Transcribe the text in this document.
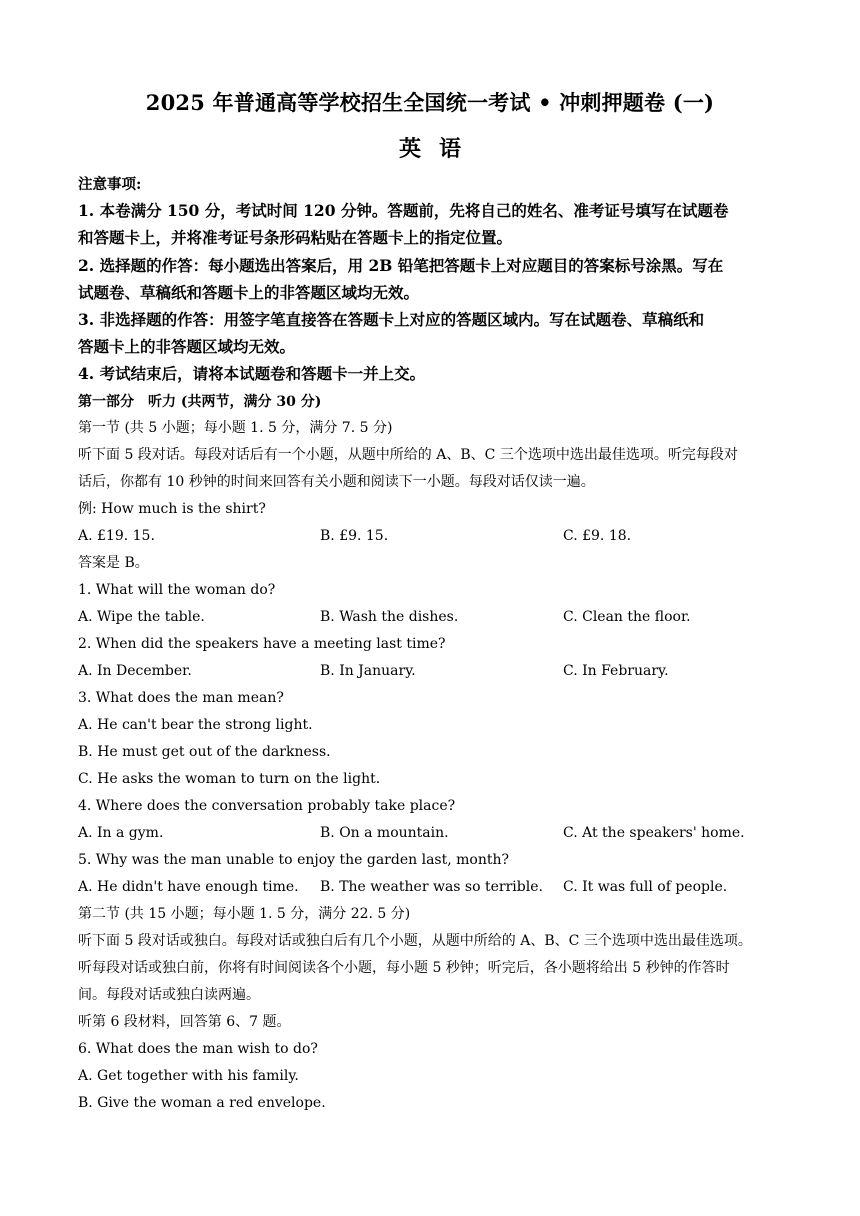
2025 年普通高等学校招生全国统一考试 • 冲刺押题卷 (一)
英语
注意事项:
1. 本卷满分 150 分，考试时间 120 分钟。答题前，先将自己的姓名、准考证号填写在试题卷
和答题卡上，并将准考证号条形码粘贴在答题卡上的指定位置。
2. 选择题的作答：每小题选出答案后，用 2B 铅笔把答题卡上对应题目的答案标号涂黑。写在
试题卷、草稿纸和答题卡上的非答题区域均无效。
3. 非选择题的作答：用签字笔直接答在答题卡上对应的答题区域内。写在试题卷、草稿纸和
答题卡上的非答题区域均无效。
4. 考试结束后，请将本试题卷和答题卡一并上交。
第一部分　听力 (共两节，满分 30 分)
第一节 (共 5 小题；每小题 1. 5 分，满分 7. 5 分)
听下面 5 段对话。每段对话后有一个小题，从题中所给的 A、B、C 三个选项中选出最佳选项。听完每段对
话后，你都有 10 秒钟的时间来回答有关小题和阅读下一小题。每段对话仅读一遍。
例: How much is the shirt?
A. £19. 15.	B. £9. 15.	C. £9. 18.
答案是 B。
1. What will the woman do?
A. Wipe the table.	B. Wash the dishes.	C. Clean the floor.
2. When did the speakers have a meeting last time?
A. In December.	B. In January.	C. In February.
3. What does the man mean?
A. He can't bear the strong light.
B. He must get out of the darkness.
C. He asks the woman to turn on the light.
4. Where does the conversation probably take place?
A. In a gym.	B. On a mountain.	C. At the speakers' home.
5. Why was the man unable to enjoy the garden last, month?
A. He didn't have enough time. B. The weather was so terrible. C. It was full of people.
第二节 (共 15 小题；每小题 1. 5 分，满分 22. 5 分)
听下面 5 段对话或独白。每段对话或独白后有几个小题，从题中所给的 A、B、C 三个选项中选出最佳选项。
听每段对话或独白前，你将有时间阅读各个小题，每小题 5 秒钟；听完后，各小题将给出 5 秒钟的作答时
间。每段对话或独白读两遍。
听第 6 段材料，回答第 6、7 题。
6. What does the man wish to do?
A. Get together with his family.
B. Give the woman a red envelope.
